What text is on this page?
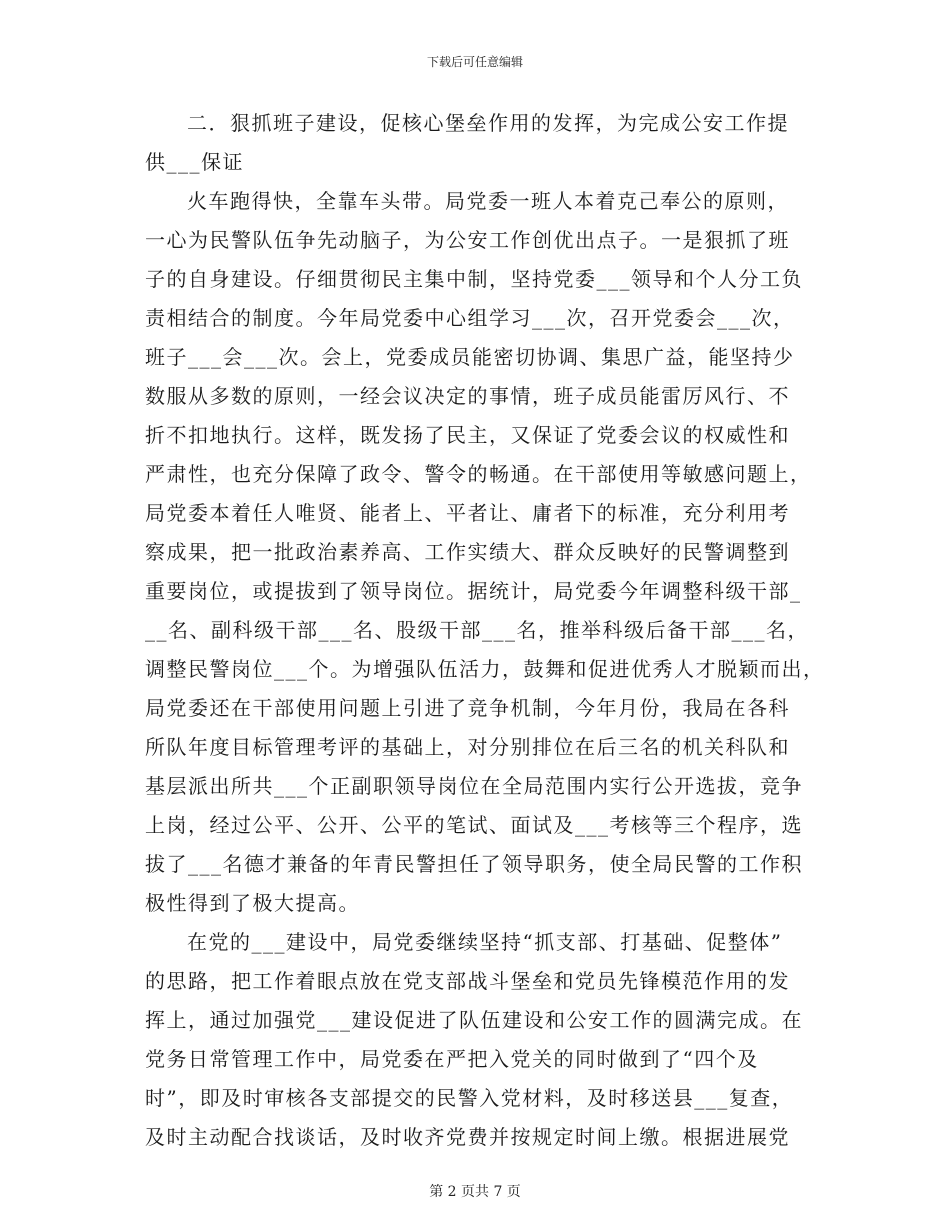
下载后可任意编辑
二．狠抓班子建设，促核心堡垒作用的发挥，为完成公安工作提
供___保证
火车跑得快，全靠车头带。局党委一班人本着克己奉公的原则，
一心为民警队伍争先动脑子，为公安工作创优出点子。一是狠抓了班
子的自身建设。仔细贯彻民主集中制，坚持党委___领导和个人分工负
责相结合的制度。今年局党委中心组学习___次，召开党委会___次，
班子___会___次。会上，党委成员能密切协调、集思广益，能坚持少
数服从多数的原则，一经会议决定的事情，班子成员能雷厉风行、不
折不扣地执行。这样，既发扬了民主，又保证了党委会议的权威性和
严肃性，也充分保障了政令、警令的畅通。在干部使用等敏感问题上，
局党委本着任人唯贤、能者上、平者让、庸者下的标准，充分利用考
察成果，把一批政治素养高、工作实绩大、群众反映好的民警调整到
重要岗位，或提拔到了领导岗位。据统计，局党委今年调整科级干部_
__名、副科级干部___名、股级干部___名，推举科级后备干部___名，
调整民警岗位___个。为增强队伍活力，鼓舞和促进优秀人才脱颖而出，
局党委还在干部使用问题上引进了竞争机制，今年月份，我局在各科
所队年度目标管理考评的基础上，对分别排位在后三名的机关科队和
基层派出所共___个正副职领导岗位在全局范围内实行公开选拔，竞争
上岗，经过公平、公开、公平的笔试、面试及___考核等三个程序，选
拔了___名德才兼备的年青民警担任了领导职务，使全局民警的工作积
极性得到了极大提高。
在党的___建设中，局党委继续坚持“抓支部、打基础、促整体”
的思路，把工作着眼点放在党支部战斗堡垒和党员先锋模范作用的发
挥上，通过加强党___建设促进了队伍建设和公安工作的圆满完成。在
党务日常管理工作中，局党委在严把入党关的同时做到了“四个及
时”，即及时审核各支部提交的民警入党材料，及时移送县___复查，
及时主动配合找谈话，及时收齐党费并按规定时间上缴。根据进展党
第 2 页共 7 页
